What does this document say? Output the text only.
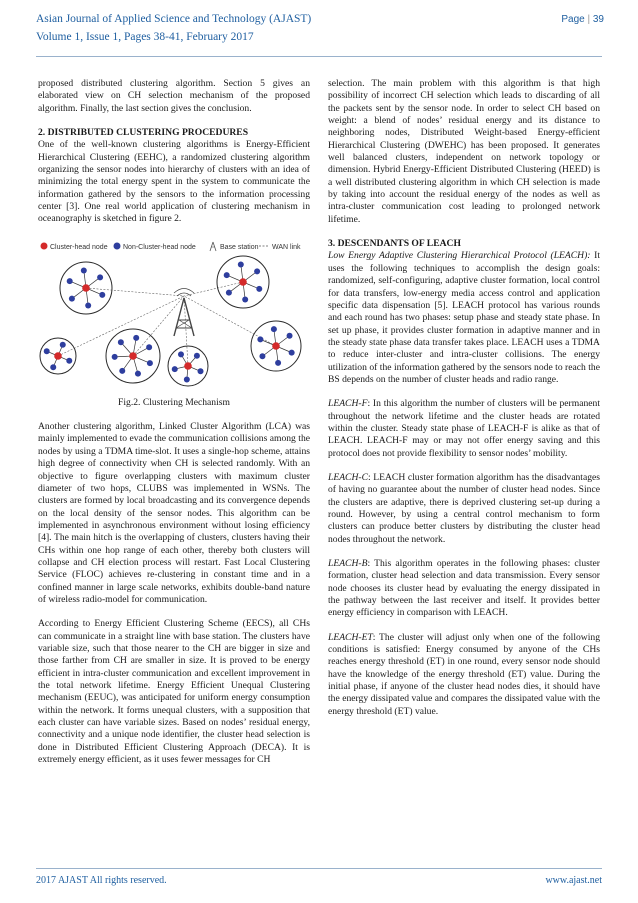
Asian Journal of Applied Science and Technology (AJAST)
Volume 1, Issue 1, Pages 38-41, February 2017
Page | 39

proposed distributed clustering algorithm. Section 5 gives an elaborated view on CH selection mechanism of the proposed algorithm. Finally, the last section gives the conclusion.

2. DISTRIBUTED CLUSTERING PROCEDURES

One of the well-known clustering algorithms is Energy-Efficient Hierarchical Clustering (EEHC), a randomized clustering algorithm organizing the sensor nodes into hierarchy of clusters with an idea of minimizing the total energy spent in the system to communicate the information gathered by the sensors to the information processing center [3]. One real world application of clustering mechanism in oceanography is sketched in figure 2.

Cluster-head node Non-Cluster-head node	Base station WAN link

Fig.2. Clustering Mechanism

Another clustering algorithm, Linked Cluster Algorithm (LCA) was mainly implemented to evade the communication collisions among the nodes by using a TDMA time-slot. It uses a single-hop scheme, attains high degree of connectivity when CH is selected randomly. With an objective to figure overlapping clusters with maximum cluster diameter of two hops, CLUBS was implemented in WSNs. The clusters are formed by local broadcasting and its convergence depends on the local density of the sensor nodes. This algorithm can be implemented in asynchronous environment without losing efficiency [4]. The main hitch is the overlapping of clusters, clusters having their CHs within one hop range of each other, thereby both clusters will collapse and CH election process will restart. Fast Local Clustering Service (FLOC) achieves re-clustering in constant time and in a confined manner in large scale networks, exhibits double-band nature of wireless radio-model for communication.

According to Energy Efficient Clustering Scheme (EECS), all CHs can communicate in a straight line with base station. The clusters have variable size, such that those nearer to the CH are bigger in size and those farther from CH are smaller in size. It is proved to be energy efficient in intra-cluster communication and excellent improvement in the total network lifetime. Energy Efficient Unequal Clustering mechanism (EEUC), was anticipated for uniform energy consumption within the network. It forms unequal clusters, with a supposition that each cluster can have variable sizes. Based on nodes’ residual energy, connectivity and a unique node identifier, the cluster head selection is done in Distributed Efficient Clustering Approach (DECA). It is extremely energy efficient, as it uses fewer messages for CH

selection. The main problem with this algorithm is that high possibility of incorrect CH selection which leads to discarding of all the packets sent by the sensor node. In order to select CH based on weight: a blend of nodes’ residual energy and its distance to neighboring nodes, Distributed Weight-based Energy-efficient Hierarchical Clustering (DWEHC) has been proposed. It generates well balanced clusters, independent on network topology or dimension. Hybrid Energy-Efficient Distributed Clustering (HEED) is a well distributed clustering algorithm in which CH selection is made by taking into account the residual energy of the nodes as well as intra-cluster communication cost leading to prolonged network lifetime.

3. DESCENDANTS OF LEACH

Low Energy Adaptive Clustering Hierarchical Protocol (LEACH): It uses the following techniques to accomplish the design goals: randomized, self-configuring, adaptive cluster formation, local control for data transfers, low-energy media access control and application specific data dispensation [5]. LEACH protocol has various rounds and each round has two phases: setup phase and steady state phase. In set up phase, it provides cluster formation in adaptive manner and in the steady state phase data transfer takes place. LEACH uses a TDMA to reduce inter-cluster and intra-cluster collisions. The energy utilization of the information gathered by the sensors node to reach the BS depends on the number of cluster heads and radio range.

LEACH-F: In this algorithm the number of clusters will be permanent throughout the network lifetime and the cluster heads are rotated within the cluster. Steady state phase of LEACH-F is alike as that of LEACH. LEACH-F may or may not offer energy saving and this protocol does not provide flexibility to sensor nodes’ mobility.

LEACH-C: LEACH cluster formation algorithm has the disadvantages of having no guarantee about the number of cluster head nodes. Since the clusters are adaptive, there is deprived clustering set-up during a round. However, by using a central control mechanism to form clusters can produce better clusters by distributing the cluster head nodes throughout the network.

LEACH-B: This algorithm operates in the following phases: cluster formation, cluster head selection and data transmission. Every sensor node chooses its cluster head by evaluating the energy dissipated in the pathway between the last receiver and itself. It provides better energy efficiency in comparison with LEACH.

LEACH-ET: The cluster will adjust only when one of the following conditions is satisfied: Energy consumed by anyone of the CHs reaches energy threshold (ET) in one round, every sensor node should have the knowledge of the energy threshold (ET) value. During the initial phase, if anyone of the cluster head nodes dies, it should have the energy dissipated value and compares the dissipated value with the energy threshold (ET) value.

2017 AJAST All rights reserved.	www.ajast.net
